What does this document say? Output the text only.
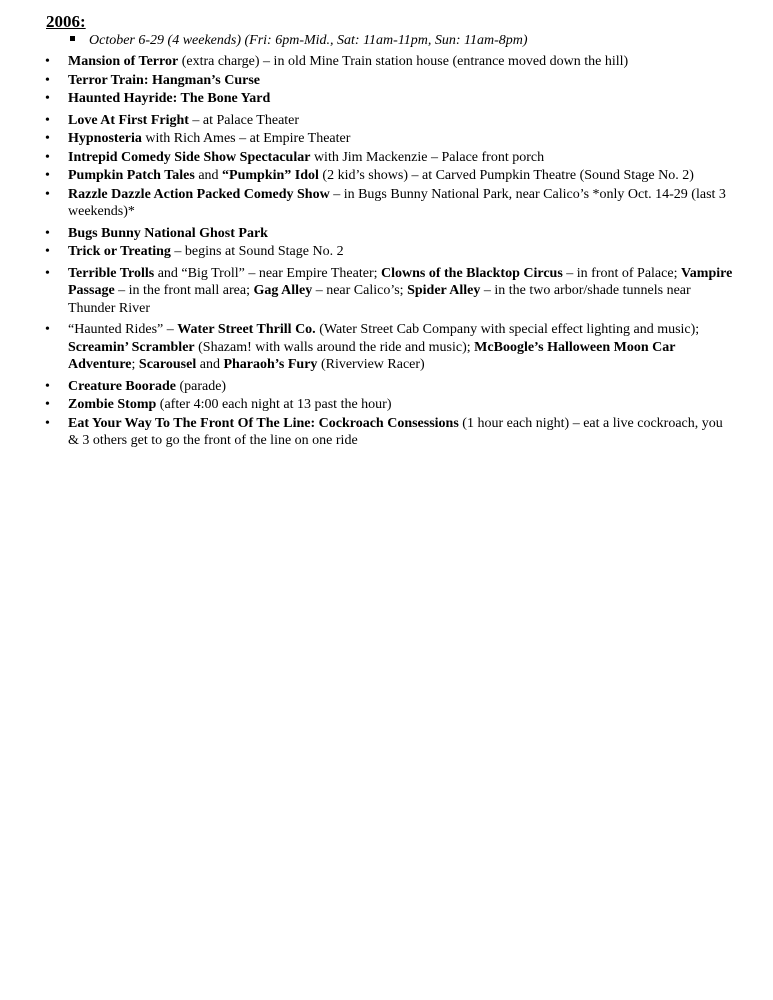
2006:
October 6-29 (4 weekends) (Fri: 6pm-Mid., Sat: 11am-11pm, Sun: 11am-8pm)
• Mansion of Terror (extra charge) – in old Mine Train station house (entrance moved down the hill)
• Terror Train: Hangman’s Curse
• Haunted Hayride: The Bone Yard
• Love At First Fright – at Palace Theater
• Hypnosteria with Rich Ames – at Empire Theater
• Intrepid Comedy Side Show Spectacular with Jim Mackenzie – Palace front porch
• Pumpkin Patch Tales and “Pumpkin” Idol (2 kid’s shows) – at Carved Pumpkin Theatre (Sound Stage No. 2)
• Razzle Dazzle Action Packed Comedy Show – in Bugs Bunny National Park, near Calico’s *only Oct. 14-29 (last 3 weekends)*
• Bugs Bunny National Ghost Park
• Trick or Treating – begins at Sound Stage No. 2
• Terrible Trolls and “Big Troll” – near Empire Theater; Clowns of the Blacktop Circus – in front of Palace; Vampire Passage – in the front mall area; Gag Alley – near Calico’s; Spider Alley – in the two arbor/shade tunnels near Thunder River
• “Haunted Rides” – Water Street Thrill Co. (Water Street Cab Company with special effect lighting and music); Screamin’ Scrambler (Shazam! with walls around the ride and music); McBoogle’s Halloween Moon Car Adventure; Scarousel and Pharaoh’s Fury (Riverview Racer)
• Creature Boorade (parade)
• Zombie Stomp (after 4:00 each night at 13 past the hour)
• Eat Your Way To The Front Of The Line: Cockroach Consessions (1 hour each night) – eat a live cockroach, you & 3 others get to go the front of the line on one ride
